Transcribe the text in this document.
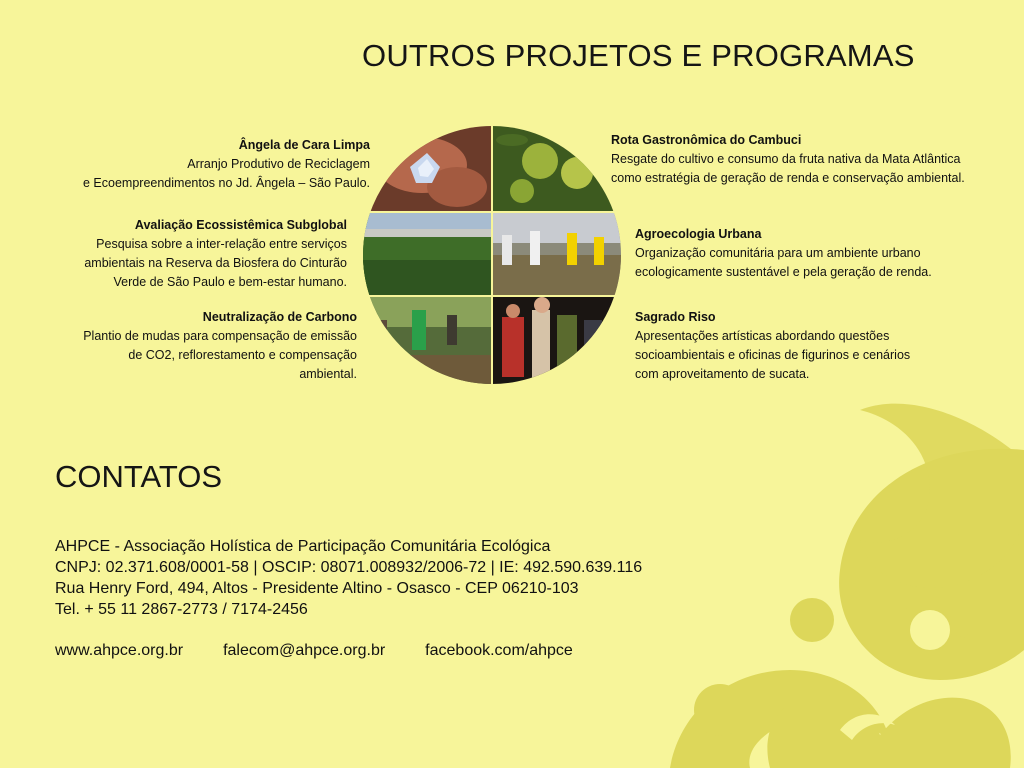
OUTROS PROJETOS E PROGRAMAS
Ângela de Cara Limpa
Arranjo Produtivo de Reciclagem
e Ecoempreendimentos no Jd. Ângela – São Paulo.
Avaliação Ecossistêmica Subglobal
Pesquisa sobre a inter-relação entre serviços
ambientais na Reserva da Biosfera do Cinturão
Verde de São Paulo e bem-estar humano.
Neutralização de Carbono
Plantio de mudas para compensação de emissão
de CO2, reflorestamento e compensação
ambiental.
Rota Gastronômica do Cambuci
Resgate do cultivo e consumo da fruta nativa da Mata Atlântica
como estratégia de geração de renda e conservação ambiental.
Agroecologia Urbana
Organização comunitária para um ambiente urbano
ecologicamente sustentável e pela geração de renda.
Sagrado Riso
Apresentações artísticas abordando questões
socioambientais e oficinas de figurinos e cenários
com aproveitamento de sucata.
CONTATOS
AHPCE - Associação Holística de Participação Comunitária Ecológica
CNPJ: 02.371.608/0001-58 | OSCIP: 08071.008932/2006-72 | IE: 492.590.639.116
Rua Henry Ford, 494, Altos - Presidente Altino - Osasco - CEP 06210-103
Tel. + 55 11 2867-2773 / 7174-2456
www.ahpce.org.br	falecom@ahpce.org.br	facebook.com/ahpce
